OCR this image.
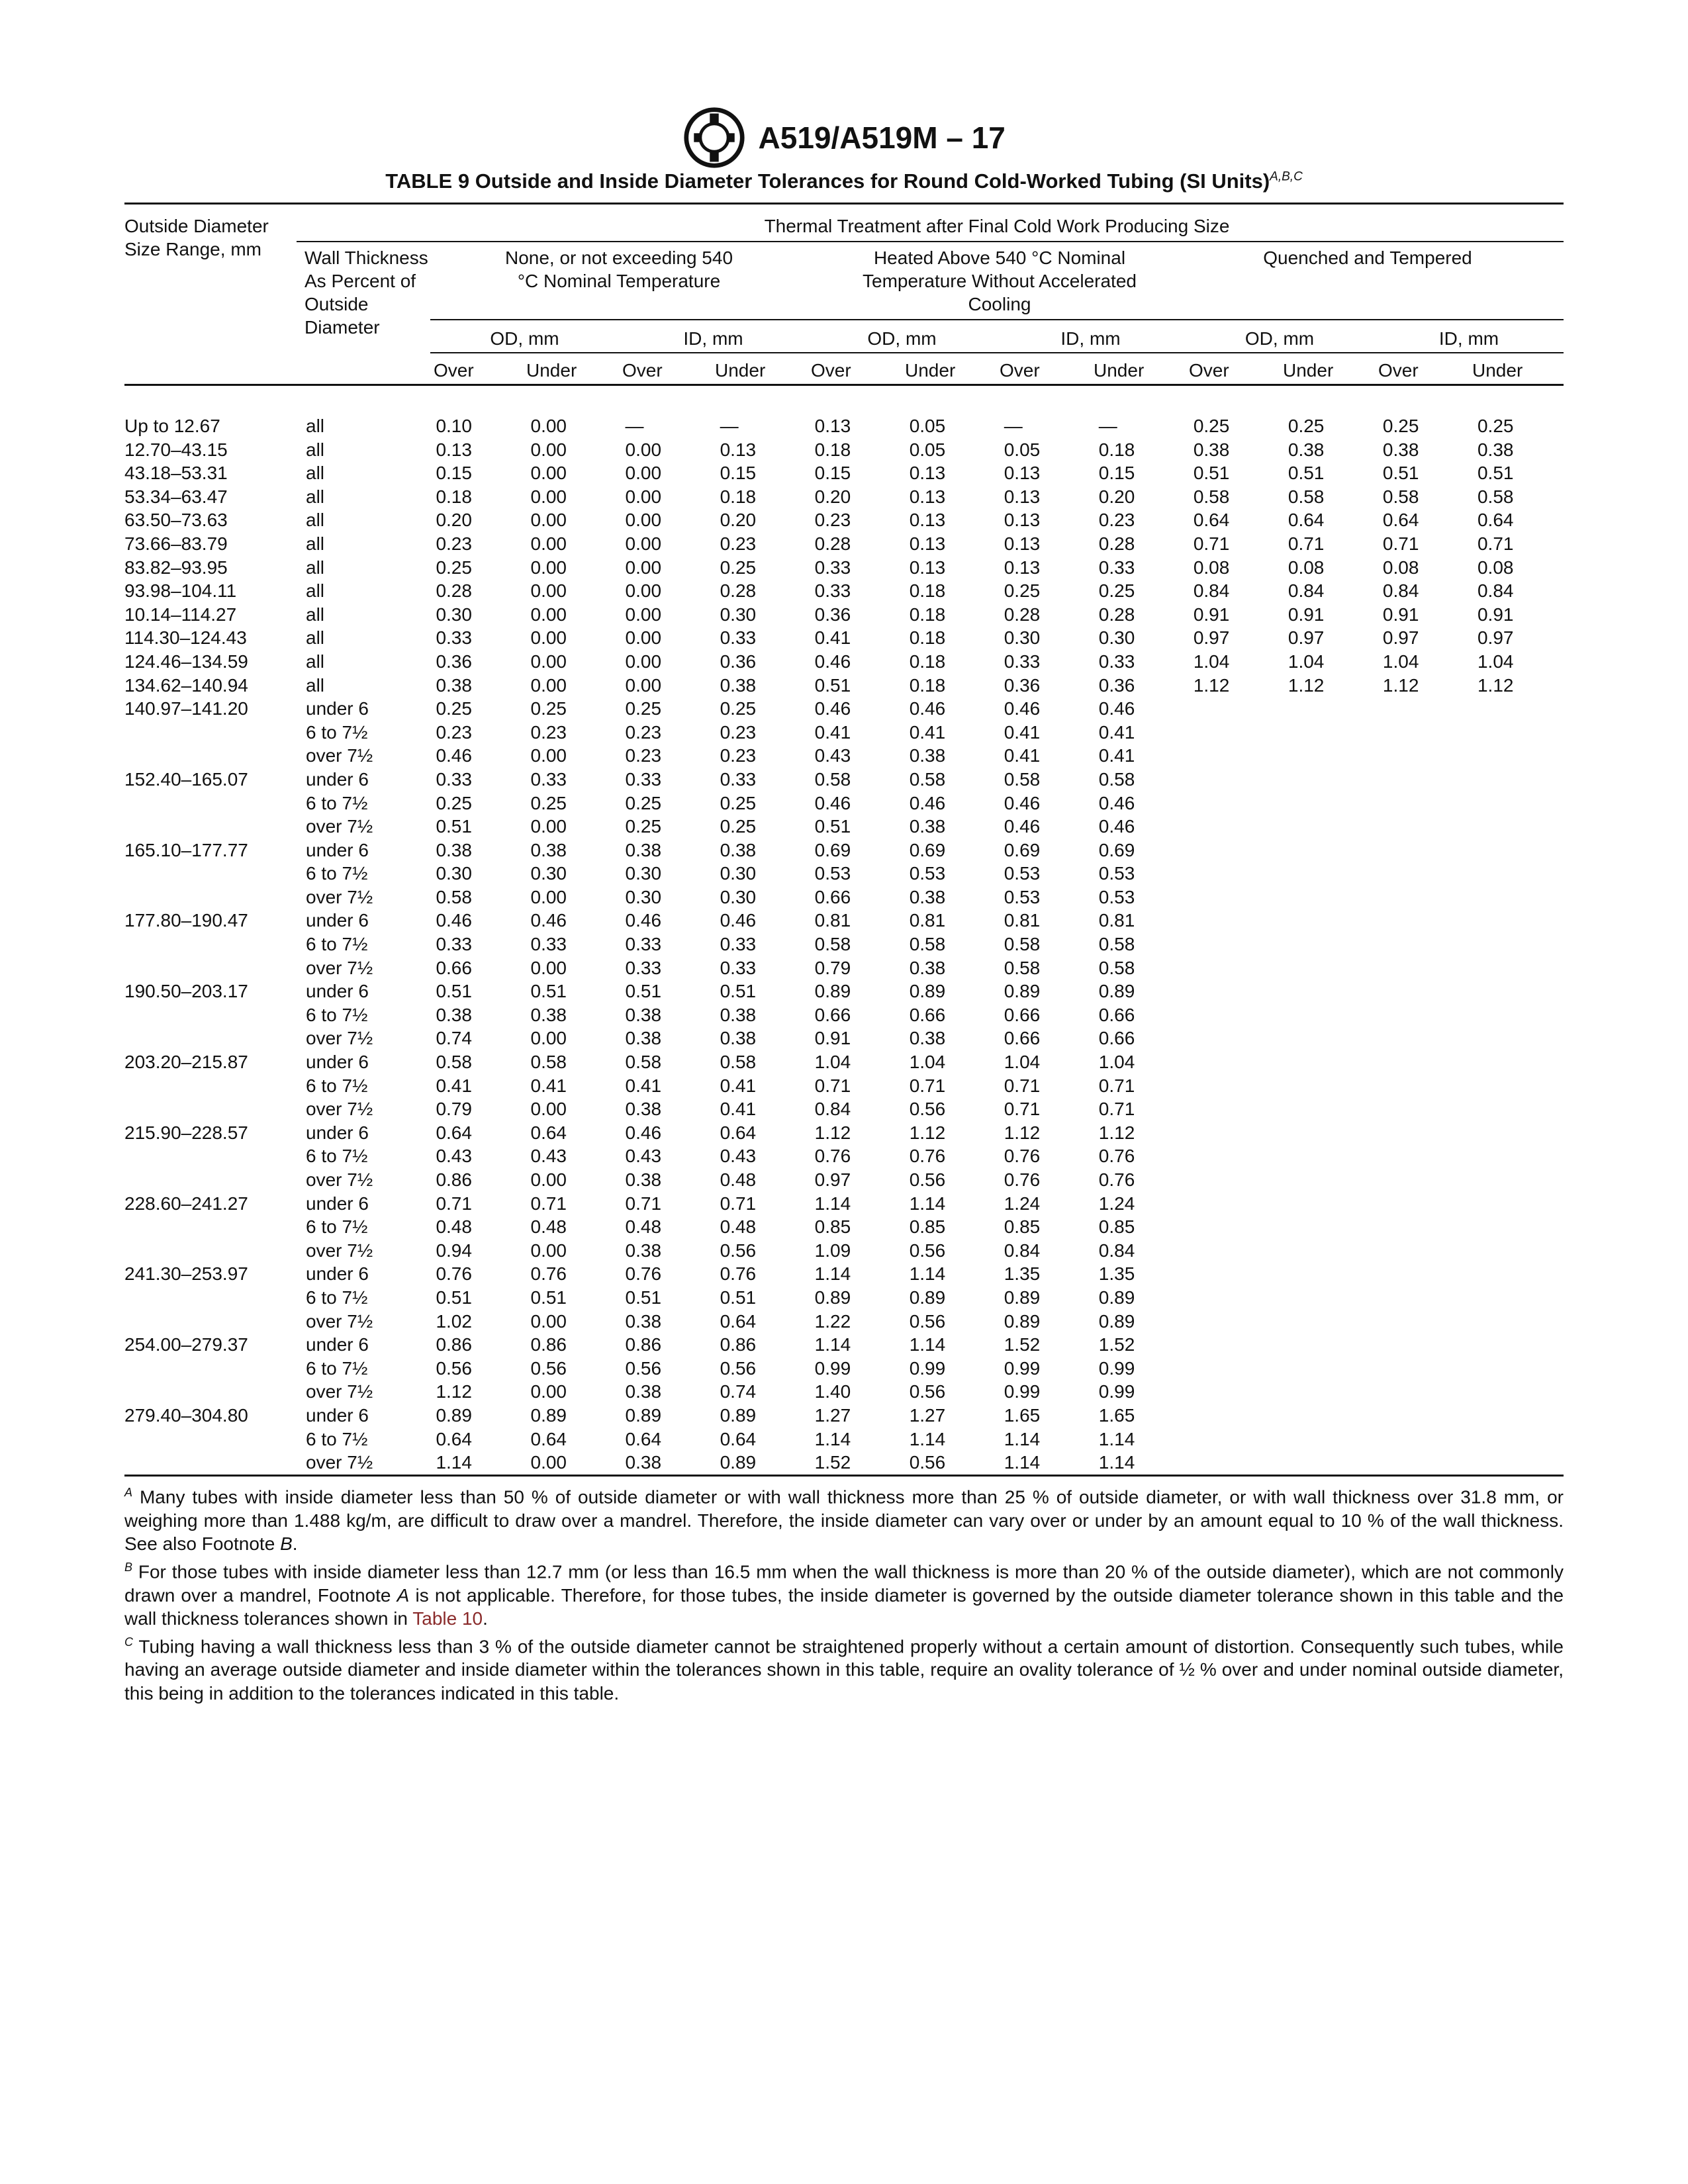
A519/A519M – 17
TABLE 9 Outside and Inside Diameter Tolerances for Round Cold-Worked Tubing (SI Units)$^{A,B,C}$
Outside Diameter Size Range, mm	Wall Thickness As Percent of Outside Diameter
Thermal Treatment after Final Cold Work Producing Size
None, or not exceeding 540 °C Nominal Temperature
Heated Above 540 °C Nominal Temperature Without Accelerated Cooling
Quenched and Tempered
OD, mm	ID, mm	OD, mm	ID, mm	OD, mm	ID, mm
Over	Under Over	Under Over	Under Over	Under Over	Under Over	Under
Up to 12.67	all	0.10	0.00	—	—	0.13	0.05	—	—	0.25	0.25	0.25	0.25
12.70–43.15	all	0.13	0.00	0.00	0.13	0.18	0.05	0.05	0.18	0.38	0.38	0.38	0.38
43.18–53.31	all	0.15	0.00	0.00	0.15	0.15	0.13	0.13	0.15	0.51	0.51	0.51	0.51
53.34–63.47	all	0.18	0.00	0.00	0.18	0.20	0.13	0.13	0.20	0.58	0.58	0.58	0.58
63.50–73.63	all	0.20	0.00	0.00	0.20	0.23	0.13	0.13	0.23	0.64	0.64	0.64	0.64
73.66–83.79	all	0.23	0.00	0.00	0.23	0.28	0.13	0.13	0.28	0.71	0.71	0.71	0.71
83.82–93.95	all	0.25	0.00	0.00	0.25	0.33	0.13	0.13	0.33	0.08	0.08	0.08	0.08
93.98–104.11	all	0.28	0.00	0.00	0.28	0.33	0.18	0.25	0.25	0.84	0.84	0.84	0.84
10.14–114.27	all	0.30	0.00	0.00	0.30	0.36	0.18	0.28	0.28	0.91	0.91	0.91	0.91
114.30–124.43	all	0.33	0.00	0.00	0.33	0.41	0.18	0.30	0.30	0.97	0.97	0.97	0.97
124.46–134.59	all	0.36	0.00	0.00	0.36	0.46	0.18	0.33	0.33	1.04	1.04	1.04	1.04
134.62–140.94	all	0.38	0.00	0.00	0.38	0.51	0.18	0.36	0.36	1.12	1.12	1.12	1.12
140.97–141.20	under 6	0.25	0.25	0.25	0.25	0.46	0.46	0.46	0.46				
	6 to 7½	0.23	0.23	0.23	0.23	0.41	0.41	0.41	0.41				
	over 7½	0.46	0.00	0.23	0.23	0.43	0.38	0.41	0.41				
152.40–165.07	under 6	0.33	0.33	0.33	0.33	0.58	0.58	0.58	0.58				
	6 to 7½	0.25	0.25	0.25	0.25	0.46	0.46	0.46	0.46				
	over 7½	0.51	0.00	0.25	0.25	0.51	0.38	0.46	0.46				
165.10–177.77	under 6	0.38	0.38	0.38	0.38	0.69	0.69	0.69	0.69				
	6 to 7½	0.30	0.30	0.30	0.30	0.53	0.53	0.53	0.53				
	over 7½	0.58	0.00	0.30	0.30	0.66	0.38	0.53	0.53				
177.80–190.47	under 6	0.46	0.46	0.46	0.46	0.81	0.81	0.81	0.81				
	6 to 7½	0.33	0.33	0.33	0.33	0.58	0.58	0.58	0.58				
	over 7½	0.66	0.00	0.33	0.33	0.79	0.38	0.58	0.58				
190.50–203.17	under 6	0.51	0.51	0.51	0.51	0.89	0.89	0.89	0.89				
	6 to 7½	0.38	0.38	0.38	0.38	0.66	0.66	0.66	0.66				
	over 7½	0.74	0.00	0.38	0.38	0.91	0.38	0.66	0.66				
203.20–215.87	under 6	0.58	0.58	0.58	0.58	1.04	1.04	1.04	1.04				
	6 to 7½	0.41	0.41	0.41	0.41	0.71	0.71	0.71	0.71				
	over 7½	0.79	0.00	0.38	0.41	0.84	0.56	0.71	0.71				
215.90–228.57	under 6	0.64	0.64	0.46	0.64	1.12	1.12	1.12	1.12				
	6 to 7½	0.43	0.43	0.43	0.43	0.76	0.76	0.76	0.76				
	over 7½	0.86	0.00	0.38	0.48	0.97	0.56	0.76	0.76				
228.60–241.27	under 6	0.71	0.71	0.71	0.71	1.14	1.14	1.24	1.24				
	6 to 7½	0.48	0.48	0.48	0.48	0.85	0.85	0.85	0.85				
	over 7½	0.94	0.00	0.38	0.56	1.09	0.56	0.84	0.84				
241.30–253.97	under 6	0.76	0.76	0.76	0.76	1.14	1.14	1.35	1.35				
	6 to 7½	0.51	0.51	0.51	0.51	0.89	0.89	0.89	0.89				
	over 7½	1.02	0.00	0.38	0.64	1.22	0.56	0.89	0.89				
254.00–279.37	under 6	0.86	0.86	0.86	0.86	1.14	1.14	1.52	1.52				
	6 to 7½	0.56	0.56	0.56	0.56	0.99	0.99	0.99	0.99				
	over 7½	1.12	0.00	0.38	0.74	1.40	0.56	0.99	0.99				
279.40–304.80	under 6	0.89	0.89	0.89	0.89	1.27	1.27	1.65	1.65				
	6 to 7½	0.64	0.64	0.64	0.64	1.14	1.14	1.14	1.14				
	over 7½	1.14	0.00	0.38	0.89	1.52	0.56	1.14	1.14				

$^A$ Many tubes with inside diameter less than 50 % of outside diameter or with wall thickness more than 25 % of outside diameter, or with wall thickness over 31.8 mm, or weighing more than 1.488 kg/m, are difficult to draw over a mandrel. Therefore, the inside diameter can vary over or under by an amount equal to 10 % of the wall thickness. See also Footnote B.

$^B$ For those tubes with inside diameter less than 12.7 mm (or less than 16.5 mm when the wall thickness is more than 20 % of the outside diameter), which are not commonly drawn over a mandrel, Footnote A is not applicable. Therefore, for those tubes, the inside diameter is governed by the outside diameter tolerance shown in this table and the wall thickness tolerances shown in Table 10.

$^C$ Tubing having a wall thickness less than 3 % of the outside diameter cannot be straightened properly without a certain amount of distortion. Consequently such tubes, while having an average outside diameter and inside diameter within the tolerances shown in this table, require an ovality tolerance of ½ % over and under nominal outside diameter, this being in addition to the tolerances indicated in this table.
